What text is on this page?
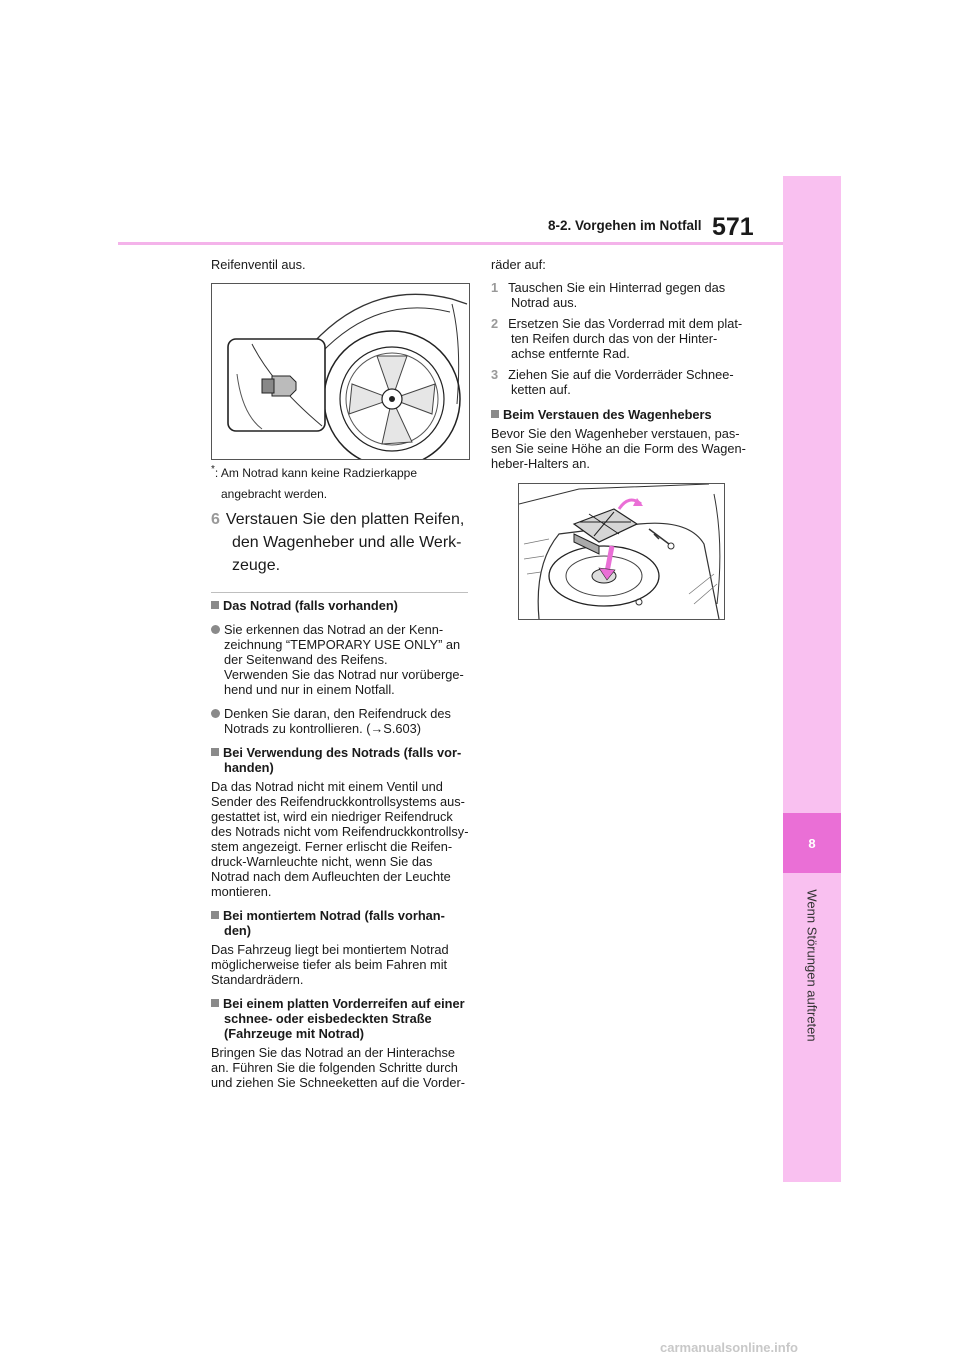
8-2. Vorgehen im Notfall 571
8
Wenn Störungen auftreten
Reifenventil aus.

*: Am Notrad kann keine Radzierkappe

angebracht werden.

6 Verstauen Sie den platten Reifen,

den Wagenheber und alle Werk-

zeuge.

Das Notrad (falls vorhanden)

Sie erkennen das Notrad an der Kenn-

zeichnung “TEMPORARY USE ONLY” an

der Seitenwand des Reifens.

Verwenden Sie das Notrad nur vorüberge-

hend und nur in einem Notfall.

Denken Sie daran, den Reifendruck des

Notrads zu kontrollieren. (→S.603)

Bei Verwendung des Notrads (falls vor-

handen)

Da das Notrad nicht mit einem Ventil und

Sender des Reifendruckkontrollsystems aus-

gestattet ist, wird ein niedriger Reifendruck

des Notrads nicht vom Reifendruckkontrollsy-

stem angezeigt. Ferner erlischt die Reifen-

druck-Warnleuchte nicht, wenn Sie das

Notrad nach dem Aufleuchten der Leuchte

montieren.

Bei montiertem Notrad (falls vorhan-

den)

Das Fahrzeug liegt bei montiertem Notrad

möglicherweise tiefer als beim Fahren mit

Standardrädern.

Bei einem platten Vorderreifen auf einer

schnee- oder eisbedeckten Straße

(Fahrzeuge mit Notrad)

Bringen Sie das Notrad an der Hinterachse

an. Führen Sie die folgenden Schritte durch

und ziehen Sie Schneeketten auf die Vorder-

räder auf:

1 Tauschen Sie ein Hinterrad gegen das

Notrad aus.

2 Ersetzen Sie das Vorderrad mit dem plat-

ten Reifen durch das von der Hinter-

achse entfernte Rad.

3 Ziehen Sie auf die Vorderräder Schnee-

ketten auf.

Beim Verstauen des Wagenhebers

Bevor Sie den Wagenheber verstauen, pas-

sen Sie seine Höhe an die Form des Wagen-

heber-Halters an.

carmanualsonline.info
